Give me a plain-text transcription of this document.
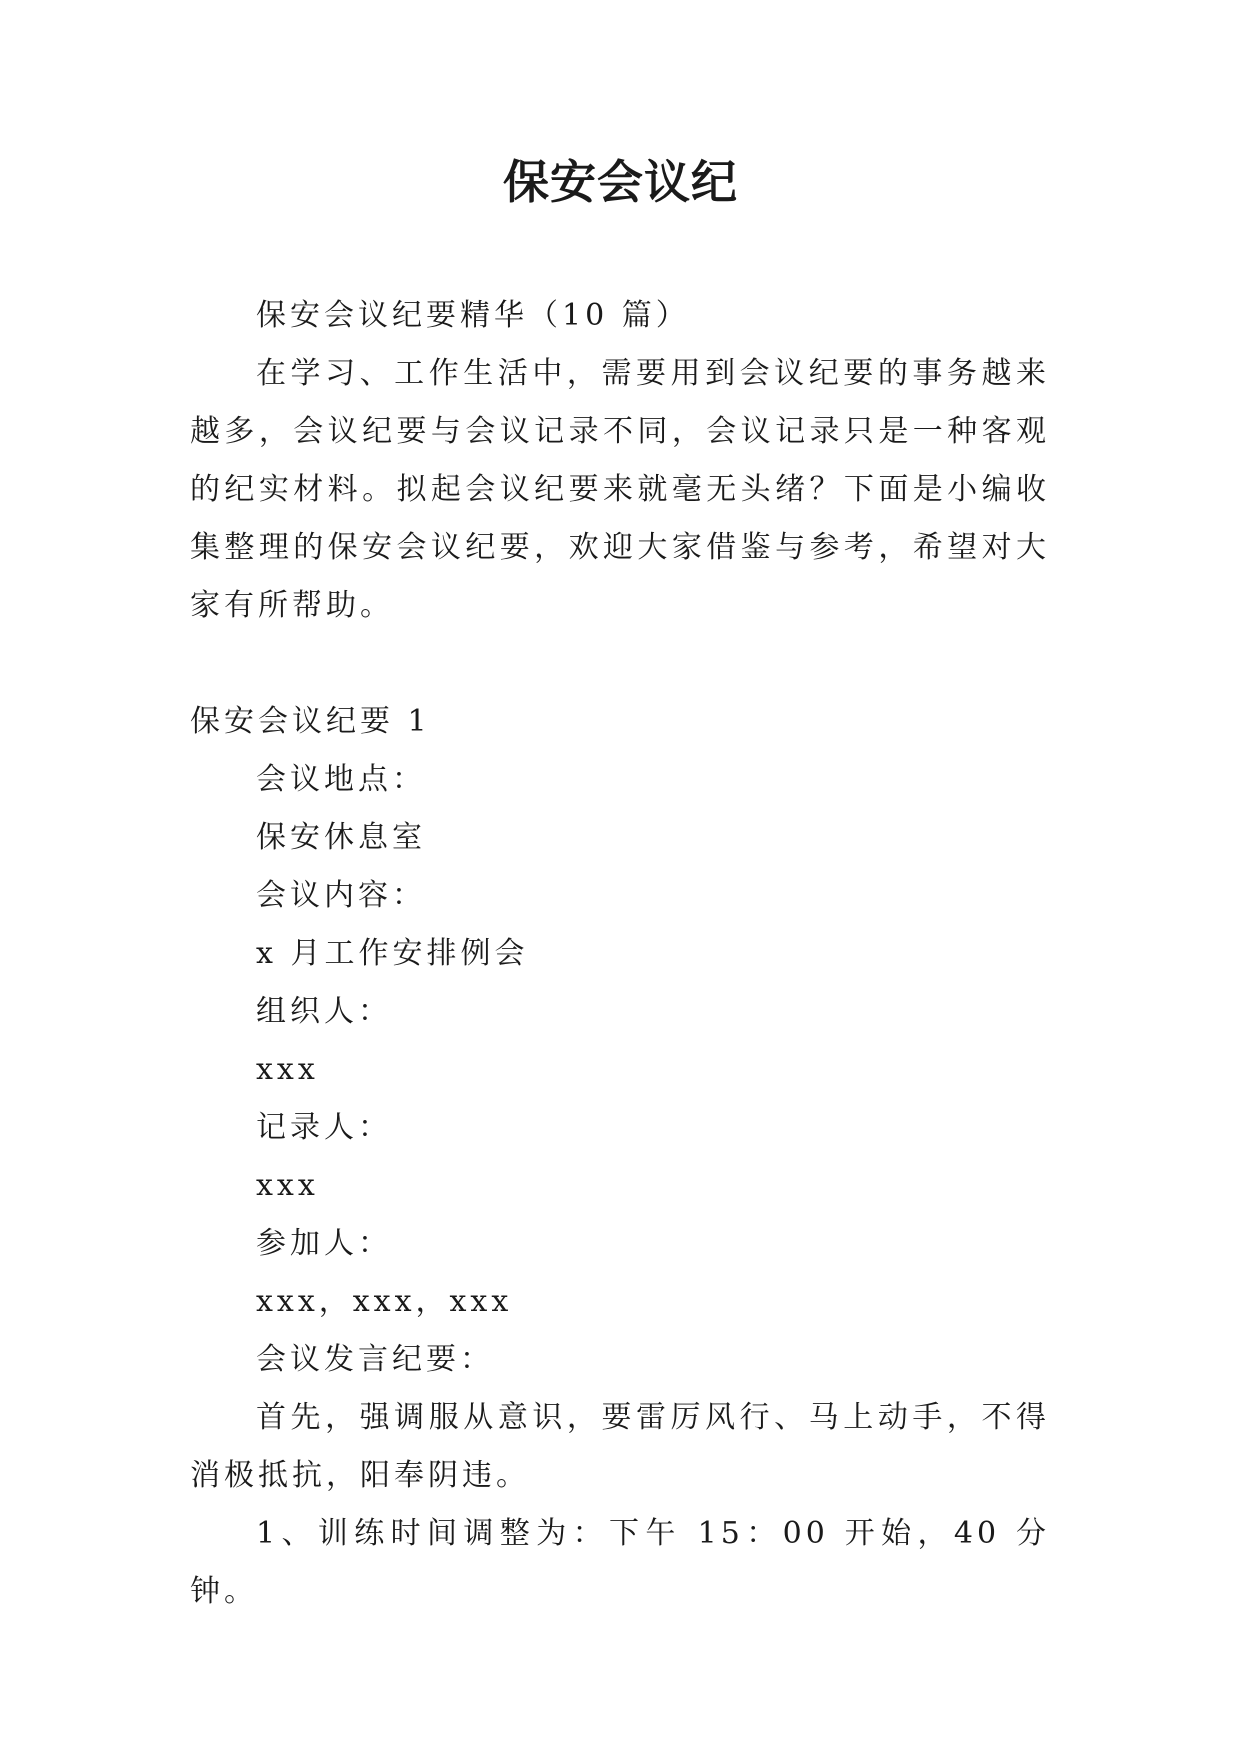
保安会议纪

保安会议纪要精华（10 篇）

在学习、工作生活中，需要用到会议纪要的事务越来越多，会议纪要与会议记录不同，会议记录只是一种客观的纪实材料。拟起会议纪要来就毫无头绪？下面是小编收集整理的保安会议纪要，欢迎大家借鉴与参考，希望对大家有所帮助。

保安会议纪要 1

会议地点：

保安休息室

会议内容：

x 月工作安排例会

组织人：

xxx

记录人：

xxx

参加人：

xxx，xxx，xxx

会议发言纪要：

首先，强调服从意识，要雷厉风行、马上动手，不得消极抵抗，阳奉阴违。

1、训练时间调整为：下午 15：00 开始，40 分钟。
